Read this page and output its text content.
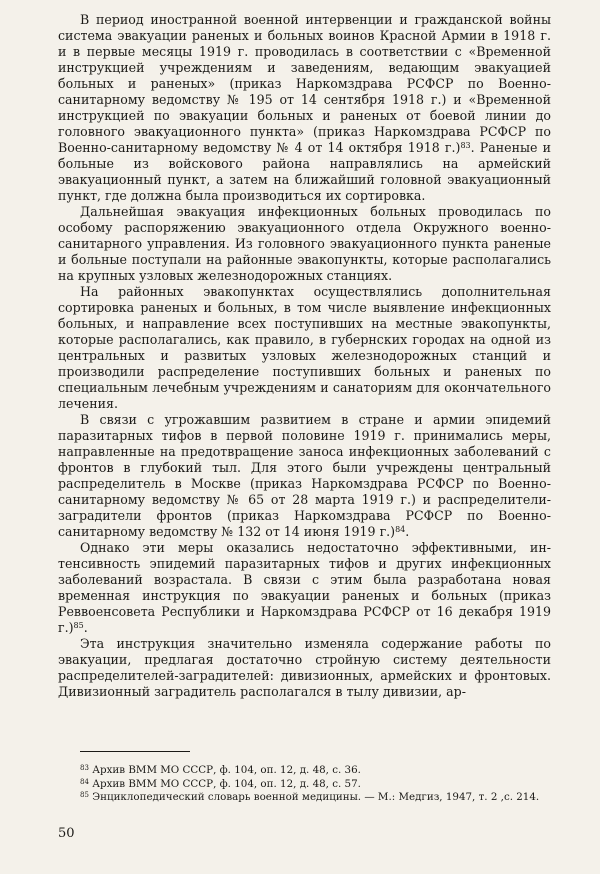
В период иностранной военной интервенции и гражданской войны система эвакуации раненых и больных воинов Красной Армии в 1918 г. и в первые месяцы 1919 г. проводилась в соответствии с «Временной инструкцией учреждениям и заведениям, ведающим эвакуацией больных и раненых» (приказ Наркомздрава РСФСР по Военно-санитарному ведомству № 195 от 14 сентября 1918 г.) и «Временной инструкцией по эвакуации больных и раненых от боевой линии до головного эвакуационного пункта» (приказ Наркомздрава РСФСР по Военно-санитарному ведомству № 4 от 14 октября 1918 г.)$^{83}$. Раненые и больные из войскового района направлялись на армейский эвакуационный пункт, а затем на ближайший головной эвакуационный пункт, где должна была производиться их сортировка.

Дальнейшая эвакуация инфекционных больных проводилась по особому распоряжению эвакуационного отдела Окружного военно-санитарного управления. Из головного эвакуационного пункта раненые и больные поступали на районные эвакопункты, которые располагались на крупных узловых железнодорожных станциях.

На районных эвакопунктах осуществлялись дополнительная сортировка раненых и больных, в том числе выявление инфекционных больных, и направление всех поступивших на местные эвакопункты, которые располагались, как правило, в губернских городах на одной из центральных и развитых узловых железнодорожных станций и производили распределение поступивших больных и раненых по специальным лечебным учреждениям и санаториям для окончательного лечения.

В связи с угрожавшим развитием в стране и армии эпидемий паразитарных тифов в первой половине 1919 г. принимались меры, направленные на предотвращение заноса инфекционных заболеваний с фронтов в глубокий тыл. Для этого были учреждены центральный распределитель в Москве (приказ Наркомздрава РСФСР по Военно-санитарному ведомству № 65 от 28 марта 1919 г.) и распределители-заградители фронтов (приказ Наркомздрава РСФСР по Военно-санитарному ведомству № 132 от 14 июня 1919 г.)$^{84}$.

Однако эти меры оказались недостаточно эффективными, интенсивность эпидемий паразитарных тифов и других инфекционных заболеваний возрастала. В связи с этим была разработана новая временная инструкция по эвакуации раненых и больных (приказ Реввоенсовета Республики и Наркомздрава РСФСР от 16 декабря 1919 г.)$^{85}$.

Эта инструкция значительно изменяла содержание работы по эвакуации, предлагая достаточно стройную систему деятельности распределителей-заградителей: дивизионных, армейских и фронтовых. Дивизионный заградитель располагался в тылу дивизии, ар-

$^{83}$ Архив ВММ МО СССР, ф. 104, оп. 12, д. 48, с. 36.

$^{84}$ Архив ВММ МО СССР, ф. 104, оп. 12, д. 48, с. 57.

$^{85}$ Энциклопедический словарь военной медицины. — М.: Медгиз, 1947, т. 2 ,с. 214.

50
